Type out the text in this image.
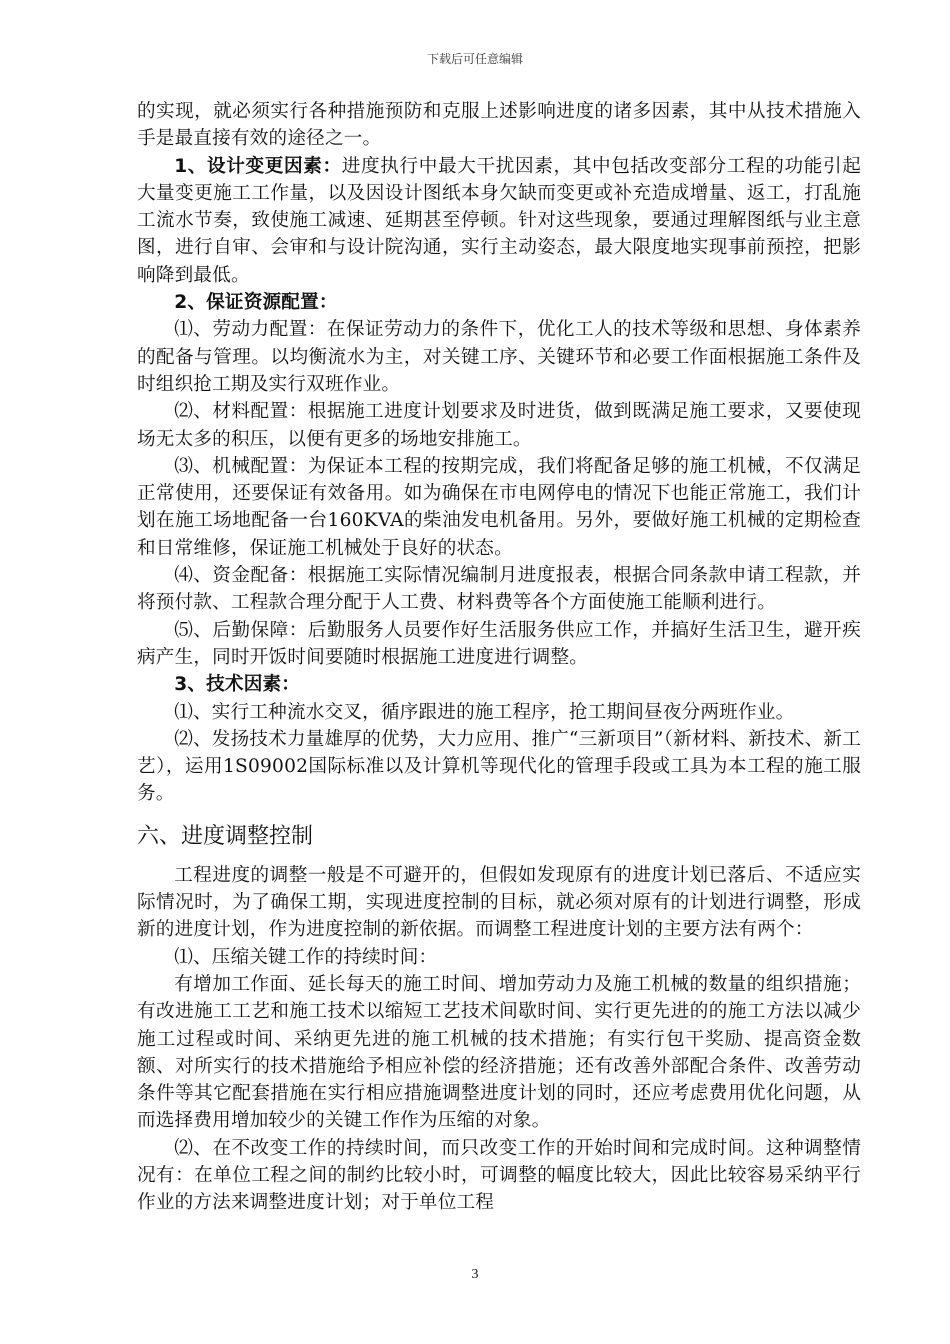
下载后可任意编辑

的实现，就必须实行各种措施预防和克服上述影响进度的诸多因素，其中从技术措施入手是最直接有效的途径之一。

1、设计变更因素：进度执行中最大干扰因素，其中包括改变部分工程的功能引起大量变更施工工作量，以及因设计图纸本身欠缺而变更或补充造成增量、返工，打乱施工流水节奏，致使施工减速、延期甚至停顿。针对这些现象，要通过理解图纸与业主意图，进行自审、会审和与设计院沟通，实行主动姿态，最大限度地实现事前预控，把影响降到最低。

2、保证资源配置：

⑴、劳动力配置：在保证劳动力的条件下，优化工人的技术等级和思想、身体素养的配备与管理。以均衡流水为主，对关键工序、关键环节和必要工作面根据施工条件及时组织抢工期及实行双班作业。

⑵、材料配置：根据施工进度计划要求及时进货，做到既满足施工要求，又要使现场无太多的积压，以便有更多的场地安排施工。

⑶、机械配置：为保证本工程的按期完成，我们将配备足够的施工机械，不仅满足正常使用，还要保证有效备用。如为确保在市电网停电的情况下也能正常施工，我们计划在施工场地配备一台160KVA的柴油发电机备用。另外，要做好施工机械的定期检查和日常维修，保证施工机械处于良好的状态。

⑷、资金配备：根据施工实际情况编制月进度报表，根据合同条款申请工程款，并将预付款、工程款合理分配于人工费、材料费等各个方面使施工能顺利进行。

⑸、后勤保障：后勤服务人员要作好生活服务供应工作，并搞好生活卫生，避开疾病产生，同时开饭时间要随时根据施工进度进行调整。

3、技术因素：

⑴、实行工种流水交叉，循序跟进的施工程序，抢工期间昼夜分两班作业。

⑵、发扬技术力量雄厚的优势，大力应用、推广“三新项目”（新材料、新技术、新工艺），运用1S09002国际标准以及计算机等现代化的管理手段或工具为本工程的施工服务。

六、进度调整控制

工程进度的调整一般是不可避开的，但假如发现原有的进度计划已落后、不适应实际情况时，为了确保工期，实现进度控制的目标，就必须对原有的计划进行调整，形成新的进度计划，作为进度控制的新依据。而调整工程进度计划的主要方法有两个：

⑴、压缩关键工作的持续时间：

有增加工作面、延长每天的施工时间、增加劳动力及施工机械的数量的组织措施；有改进施工工艺和施工技术以缩短工艺技术间歇时间、实行更先进的的施工方法以减少施工过程或时间、采纳更先进的施工机械的技术措施；有实行包干奖励、提高资金数额、对所实行的技术措施给予相应补偿的经济措施；还有改善外部配合条件、改善劳动条件等其它配套措施在实行相应措施调整进度计划的同时，还应考虑费用优化问题，从而选择费用增加较少的关键工作作为压缩的对象。

⑵、在不改变工作的持续时间，而只改变工作的开始时间和完成时间。这种调整情况有：在单位工程之间的制约比较小时，可调整的幅度比较大，因此比较容易采纳平行作业的方法来调整进度计划；对于单位工程

3
